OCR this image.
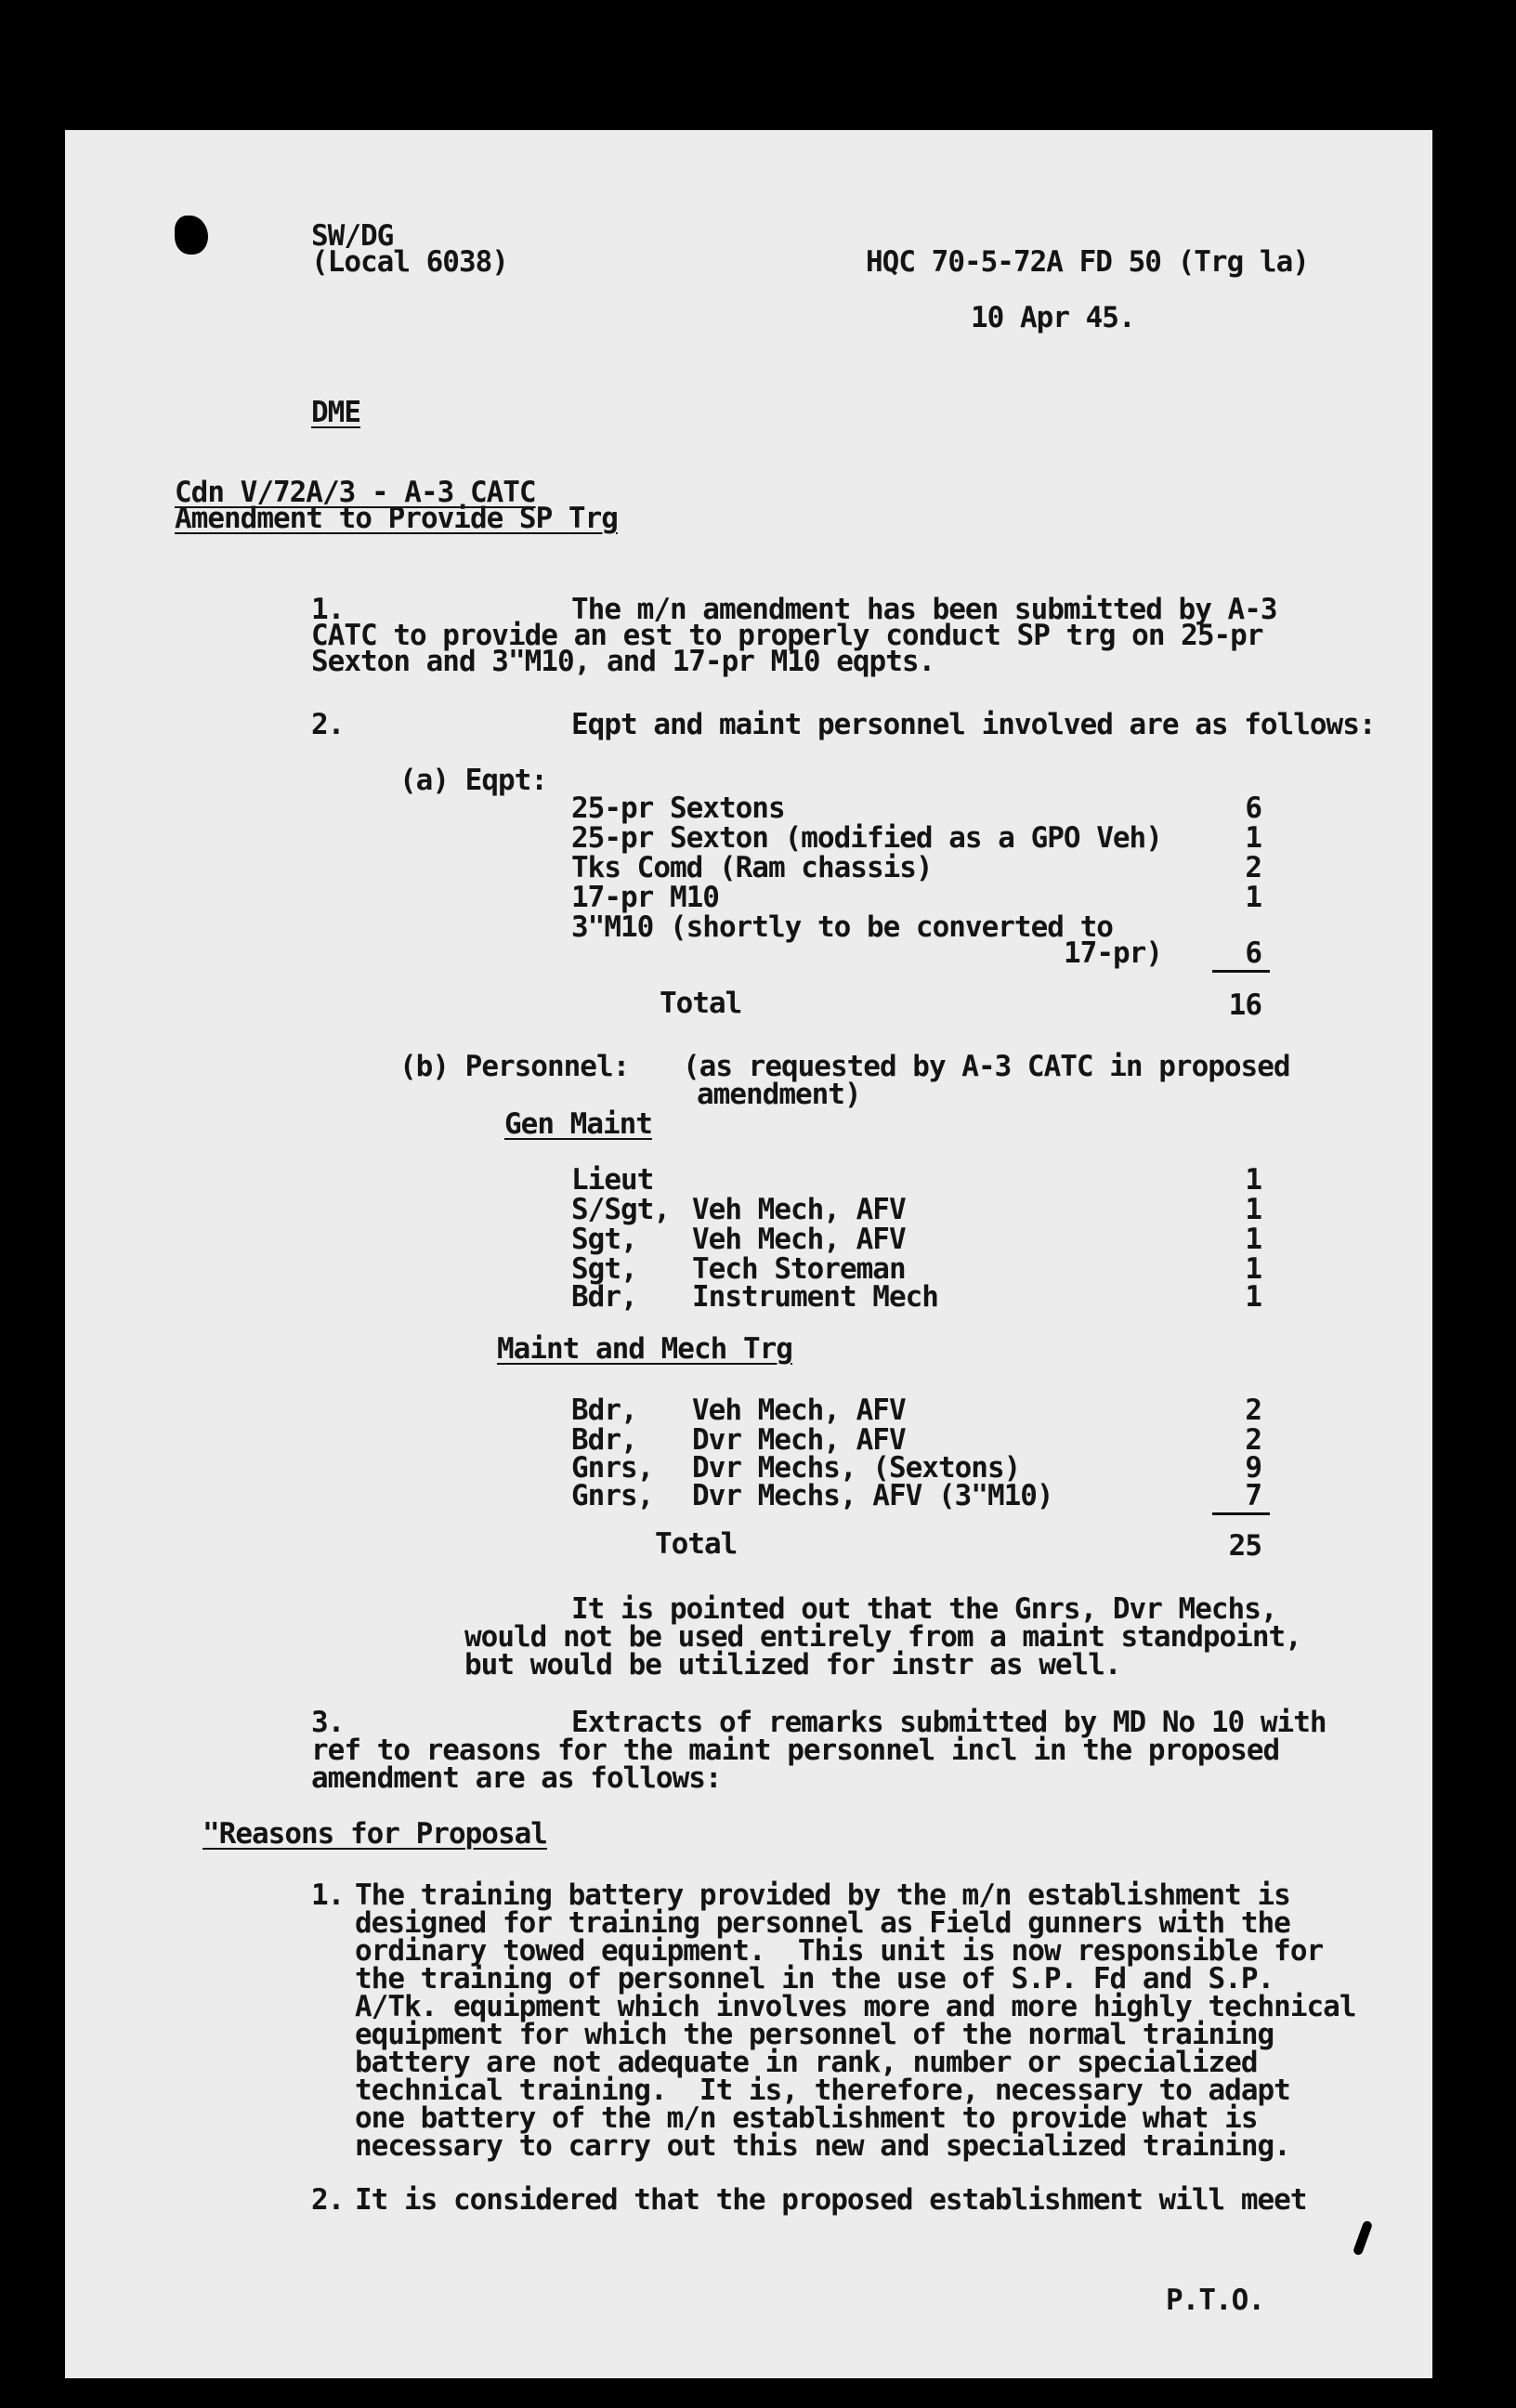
SW/DG
(Local 6038)	HQC 70-5-72A FD 50 (Trg la)
10 Apr 45.
DME
Cdn V/72A/3 - A-3 CATC
Amendment to Provide SP Trg
1.	The m/n amendment has been submitted by A-3
CATC to provide an est to properly conduct SP trg on 25-pr
Sexton and 3"M10, and 17-pr M10 eqpts.
2.	Eqpt and maint personnel involved are as follows:
(a) Eqpt:
25-pr Sextons	6
25-pr Sexton (modified as a GPO Veh)	1
Tks Comd (Ram chassis)	2
17-pr M10	1
3"M10 (shortly to be converted to
17-pr)	6
Total	16
(b) Personnel: (as requested by A-3 CATC in proposed
amendment)
Gen Maint
Lieut	1
S/Sgt, Veh Mech, AFV	1
Sgt, Veh Mech, AFV	1
Sgt, Tech Storeman	1
Bdr, Instrument Mech	1
Maint and Mech Trg
Bdr, Veh Mech, AFV	2
Bdr, Dvr Mech, AFV	2
Gnrs, Dvr Mechs, (Sextons)	9
Gnrs, Dvr Mechs, AFV (3"M10)	7
Total	25
It is pointed out that the Gnrs, Dvr Mechs,
would not be used entirely from a maint standpoint,
but would be utilized for instr as well.
3.	Extracts of remarks submitted by MD No 10 with
ref to reasons for the maint personnel incl in the proposed
amendment are as follows:
"Reasons for Proposal
1. The training battery provided by the m/n establishment is
designed for training personnel as Field gunners with the
ordinary towed equipment.  This unit is now responsible for
the training of personnel in the use of S.P. Fd and S.P.
A/Tk. equipment which involves more and more highly technical
equipment for which the personnel of the normal training
battery are not adequate in rank, number or specialized
technical training.  It is, therefore, necessary to adapt
one battery of the m/n establishment to provide what is
necessary to carry out this new and specialized training.
2. It is considered that the proposed establishment will meet
P.T.O.
